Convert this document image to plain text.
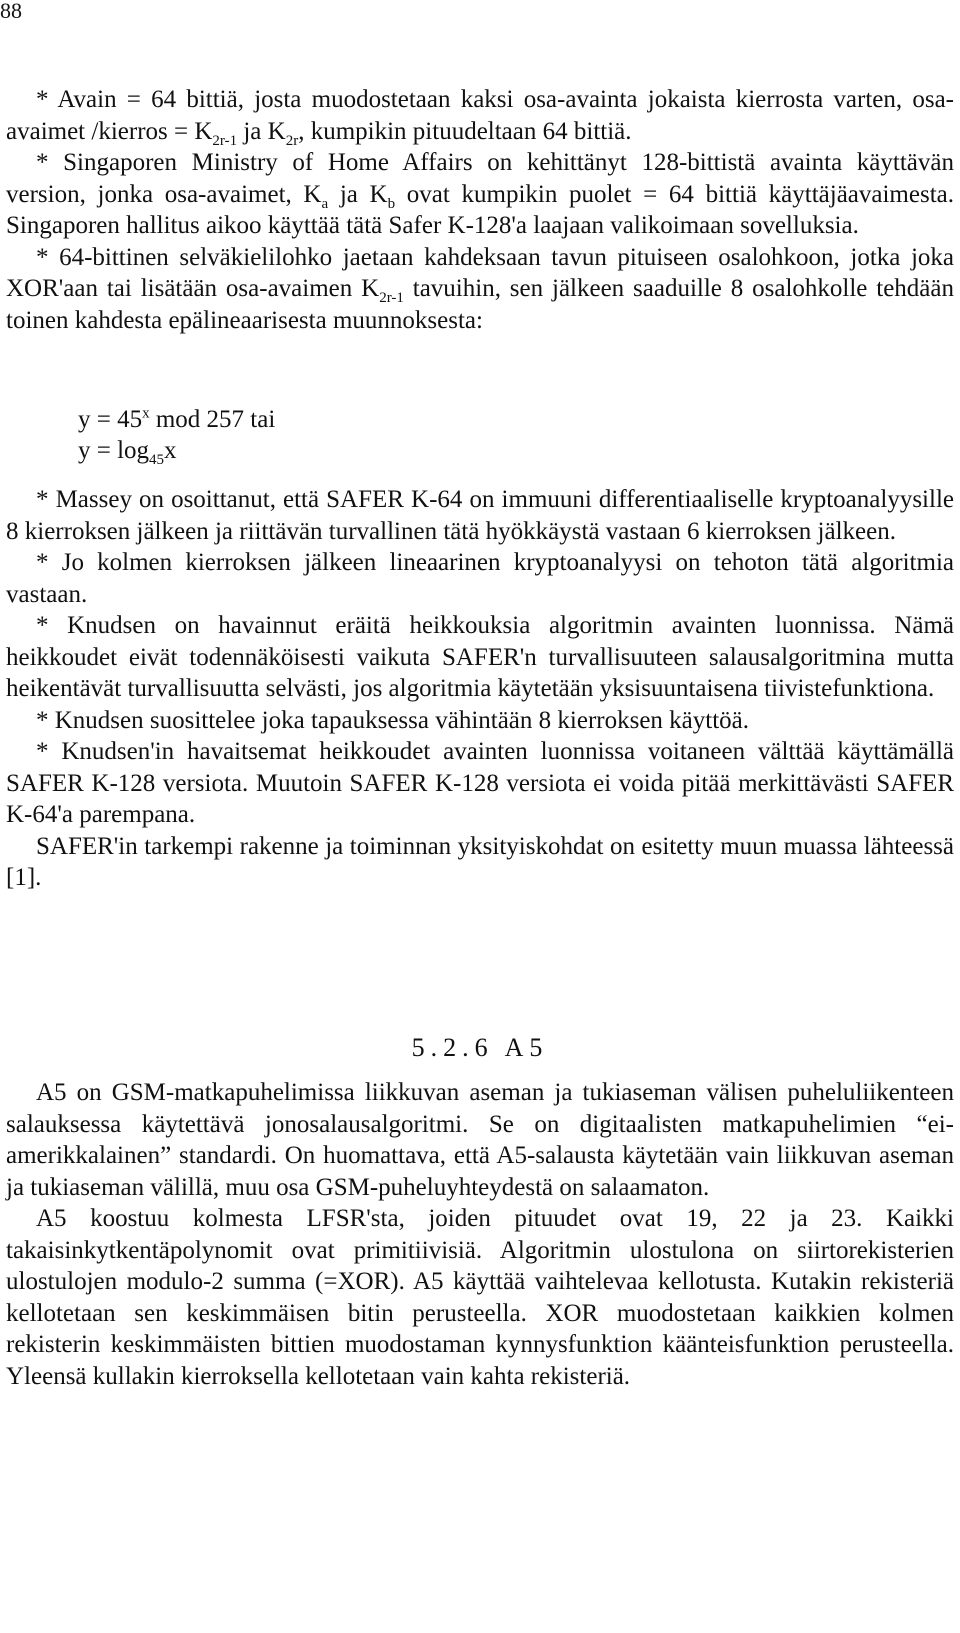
88

* Avain = 64 bittiä, josta muodostetaan kaksi osa-avainta jokaista kierrosta varten, osa-avaimet /kierros = $K_{2r-1}$ ja $K_{2r}$, kumpikin pituudeltaan 64 bittiä.

* Singaporen Ministry of Home Affairs on kehittänyt 128-bittistä avainta käyttävän version, jonka osa-avaimet, $K_a$ ja $K_b$ ovat kumpikin puolet = 64 bittiä käyttäjäavaimesta. Singaporen hallitus aikoo käyttää tätä Safer K-128'a laajaan valikoimaan sovelluksia.

* 64-bittinen selväkielilohko jaetaan kahdeksaan tavun pituiseen osalohkoon, jotka joka XOR'aan tai lisätään osa-avaimen $K_{2r-1}$ tavuihin, sen jälkeen saaduille 8 osalohkolle tehdään toinen kahdesta epälineaarisesta muunnoksesta:

$y = 45^x$ mod 257 tai
$y = \log_{45}x$

* Massey on osoittanut, että SAFER K-64 on immuuni differentiaaliselle kryptoanalyysille 8 kierroksen jälkeen ja riittävän turvallinen tätä hyökkäystä vastaan 6 kierroksen jälkeen.

* Jo kolmen kierroksen jälkeen lineaarinen kryptoanalyysi on tehoton tätä algoritmia vastaan.

* Knudsen on havainnut eräitä heikkouksia algoritmin avainten luonnissa. Nämä heikkoudet eivät todennäköisesti vaikuta SAFER'n turvallisuuteen salausalgoritmina mutta heikentävät turvallisuutta selvästi, jos algoritmia käytetään yksisuuntaisena tiivistefunktiona.

* Knudsen suosittelee joka tapauksessa vähintään 8 kierroksen käyttöä.

* Knudsen'in havaitsemat heikkoudet avainten luonnissa voitaneen välttää käyttämällä SAFER K-128 versiota. Muutoin SAFER K-128 versiota ei voida pitää merkittävästi SAFER K-64'a parempana.

SAFER'in tarkempi rakenne ja toiminnan yksityiskohdat on esitetty muun muassa lähteessä [1].

5.2.6 A5

A5 on GSM-matkapuhelimissa liikkuvan aseman ja tukiaseman välisen puheluliikenteen salauksessa käytettävä jonosalausalgoritmi. Se on digitaalisten matkapuhelimien “ei-amerikkalainen” standardi. On huomattava, että A5-salausta käytetään vain liikkuvan aseman ja tukiaseman välillä, muu osa GSM-puheluyhteydestä on salaamaton.

A5 koostuu kolmesta LFSR'sta, joiden pituudet ovat 19, 22 ja 23. Kaikki takaisinkytkentäpolynomit ovat primitiivisiä. Algoritmin ulostulona on siirtorekisterien ulostulojen modulo-2 summa (=XOR). A5 käyttää vaihtelevaa kellotusta. Kutakin rekisteriä kellotetaan sen keskimmäisen bitin perusteella. XOR muodostetaan kaikkien kolmen rekisterin keskimmäisten bittien muodostaman kynnysfunktion käänteisfunktion perusteella. Yleensä kullakin kierroksella kellotetaan vain kahta rekisteriä.
